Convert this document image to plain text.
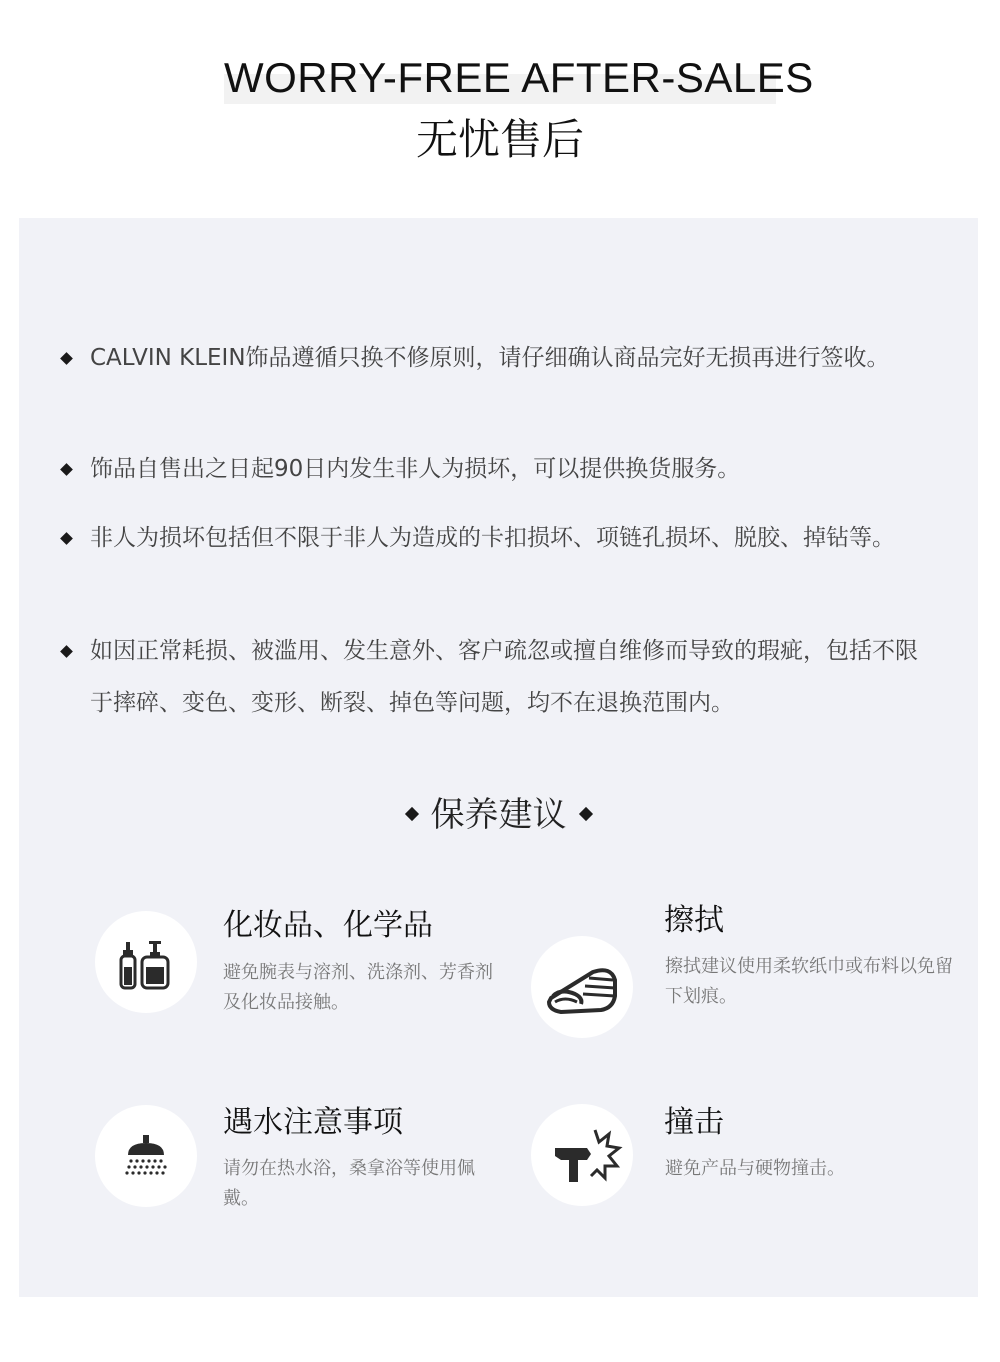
WORRY-FREE AFTER-SALES
无忧售后
CALVIN KLEIN饰品遵循只换不修原则，请仔细确认商品完好无损再进行签收。
饰品自售出之日起90日内发生非人为损坏，可以提供换货服务。
非人为损坏包括但不限于非人为造成的卡扣损坏、项链孔损坏、脱胶、掉钻等。
如因正常耗损、被滥用、发生意外、客户疏忽或擅自维修而导致的瑕疵，包括不限于摔碎、变色、变形、断裂、掉色等问题，均不在退换范围内。
保养建议
化妆品、化学品
避免腕表与溶剂、洗涤剂、芳香剂及化妆品接触。
擦拭
擦拭建议使用柔软纸巾或布料以免留下划痕。
遇水注意事项
请勿在热水浴，桑拿浴等使用佩戴。
撞击
避免产品与硬物撞击。
